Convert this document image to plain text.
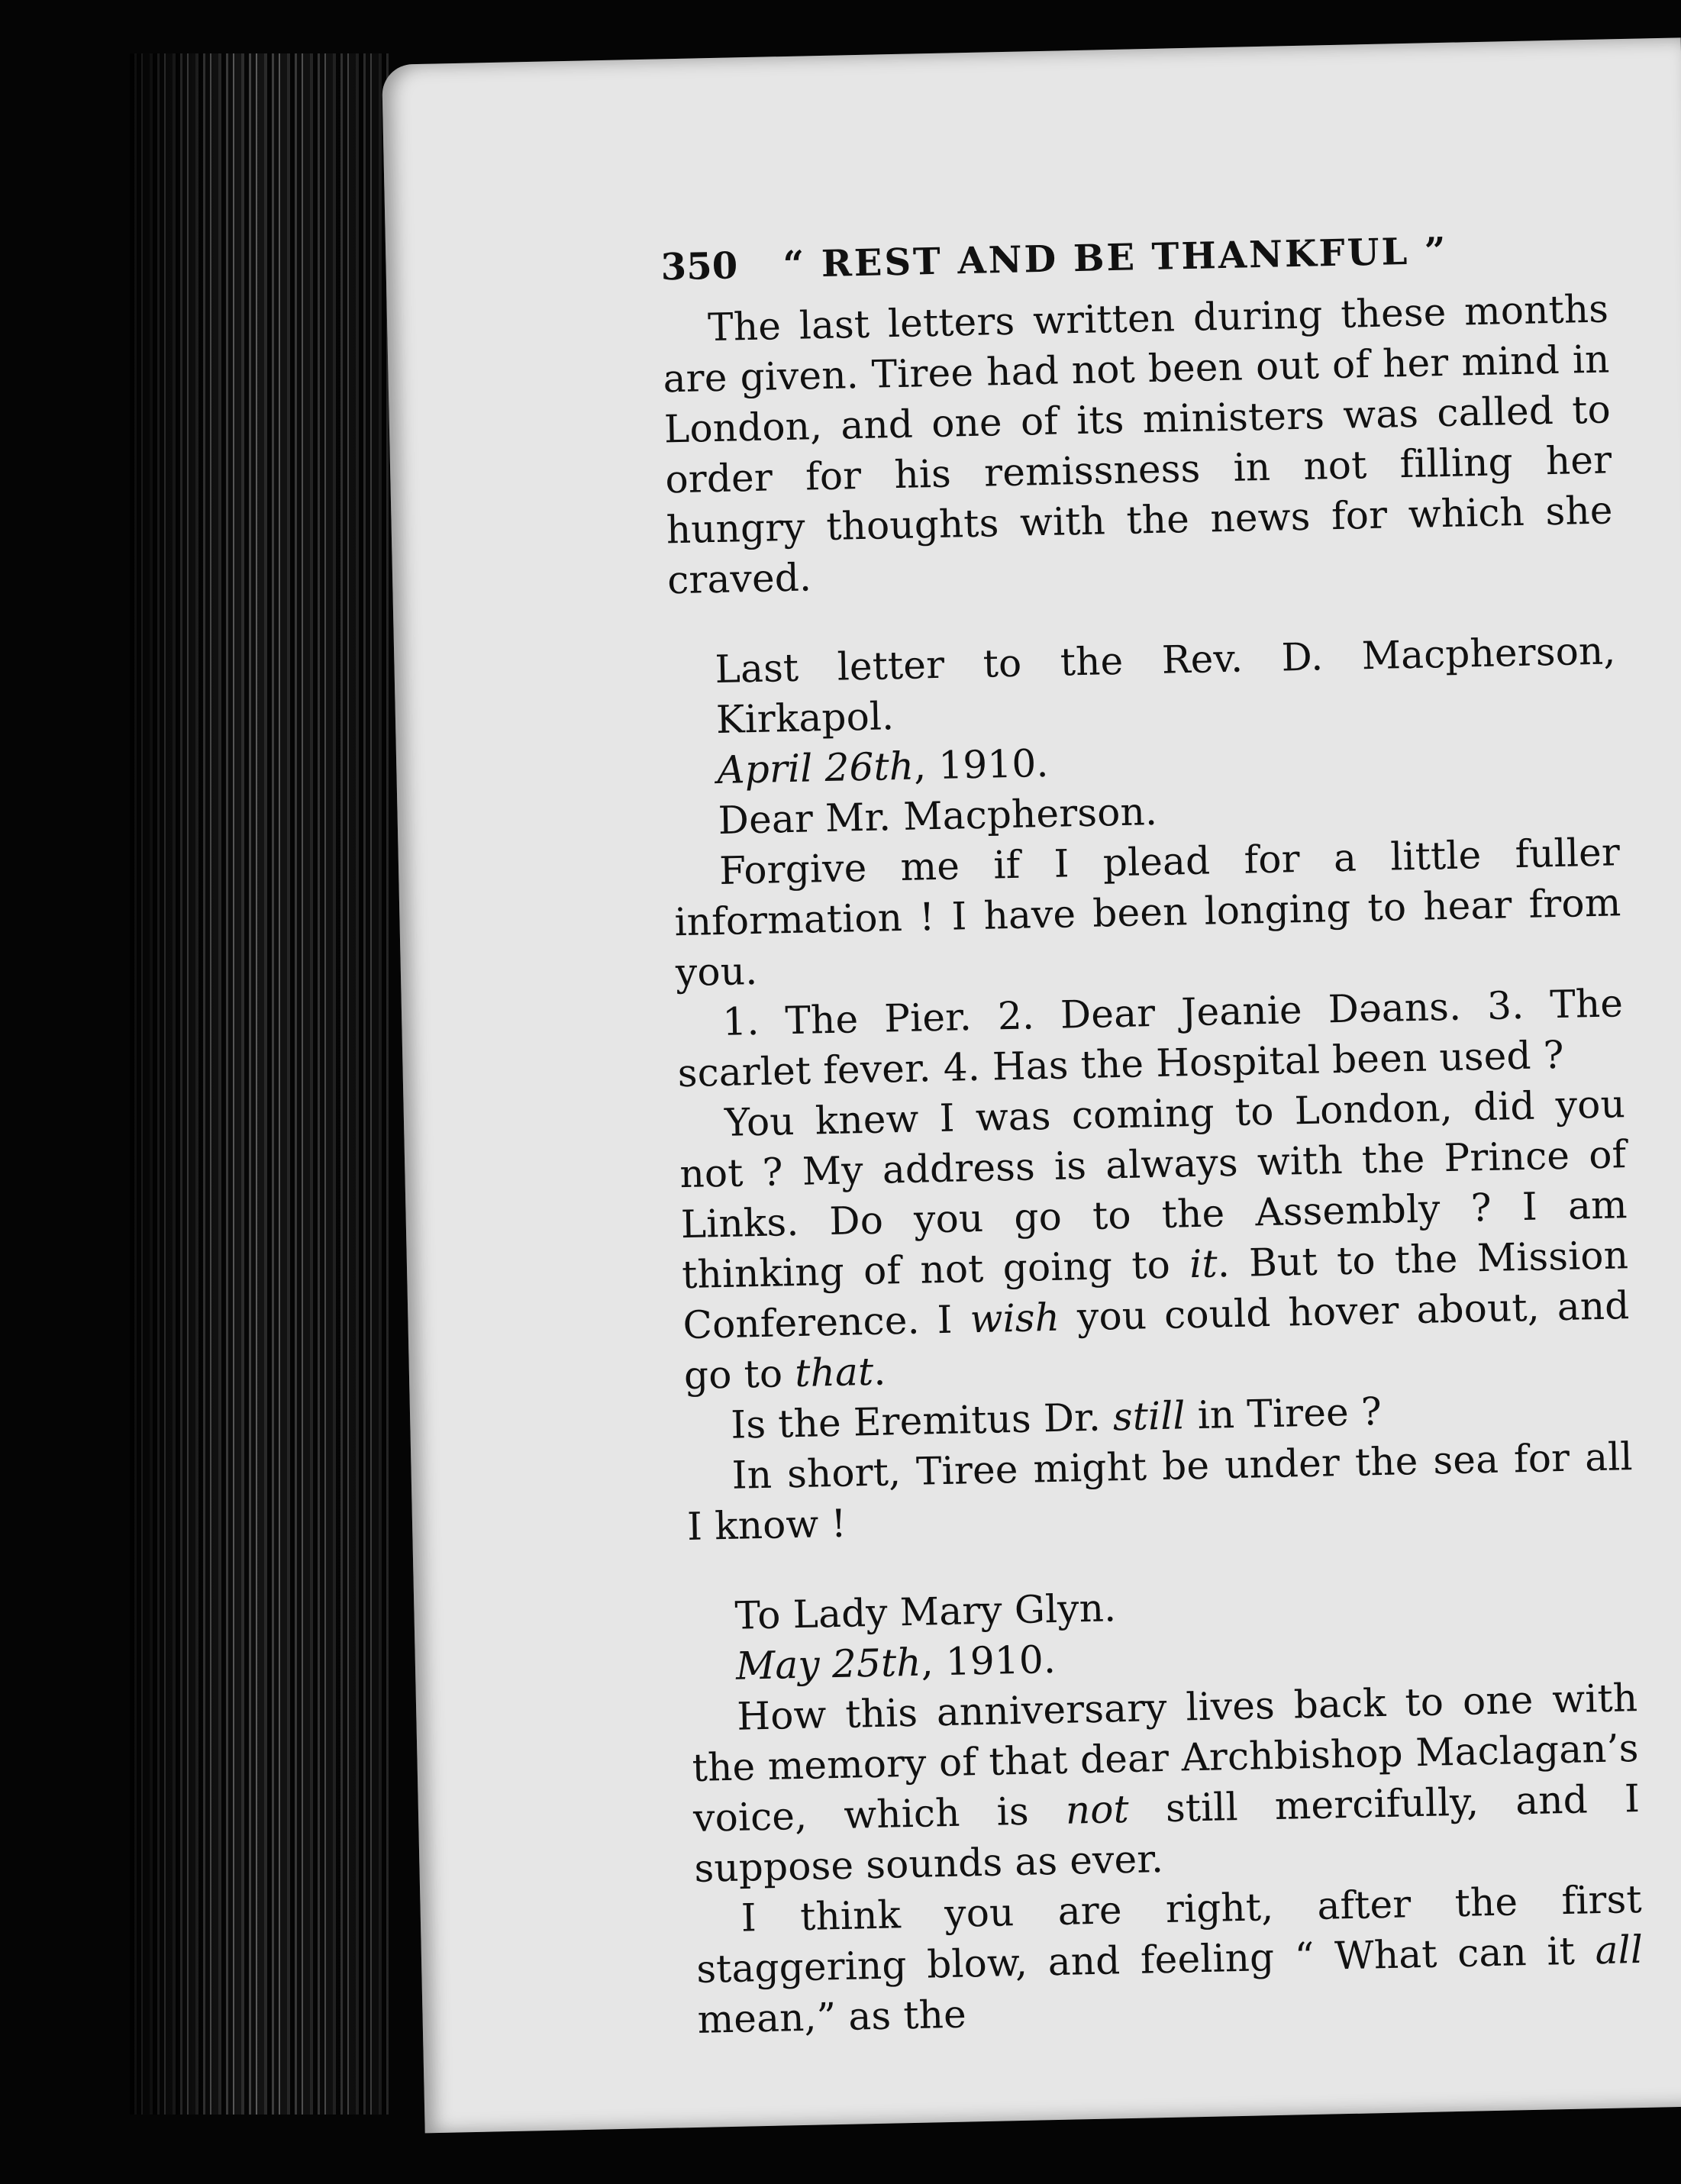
350	“ REST AND BE THANKFUL ”

The last letters written during these months are given. Tiree had not been out of her mind in London, and one of its ministers was called to order for his remissness in not filling her hungry thoughts with the news for which she craved.

Last letter to the Rev. D. Macpherson, Kirkapol.

April 26th, 1910.

Dear Mr. Macpherson.

Forgive me if I plead for a little fuller information ! I have been longing to hear from you.

1. The Pier. 2. Dear Jeanie Dəans. 3. The scarlet fever. 4. Has the Hospital been used ?

You knew I was coming to London, did you not ? My address is always with the Prince of Links. Do you go to the Assembly ? I am thinking of not going to it. But to the Mission Conference. I wish you could hover about, and go to that.

Is the Eremitus Dr. still in Tiree ?

In short, Tiree might be under the sea for all I know !

To Lady Mary Glyn.

May 25th, 1910.

How this anniversary lives back to one with the memory of that dear Archbishop Maclagan’s voice, which is not still mercifully, and I suppose sounds as ever.

I think you are right, after the first staggering blow, and feeling “ What can it all mean,” as the
